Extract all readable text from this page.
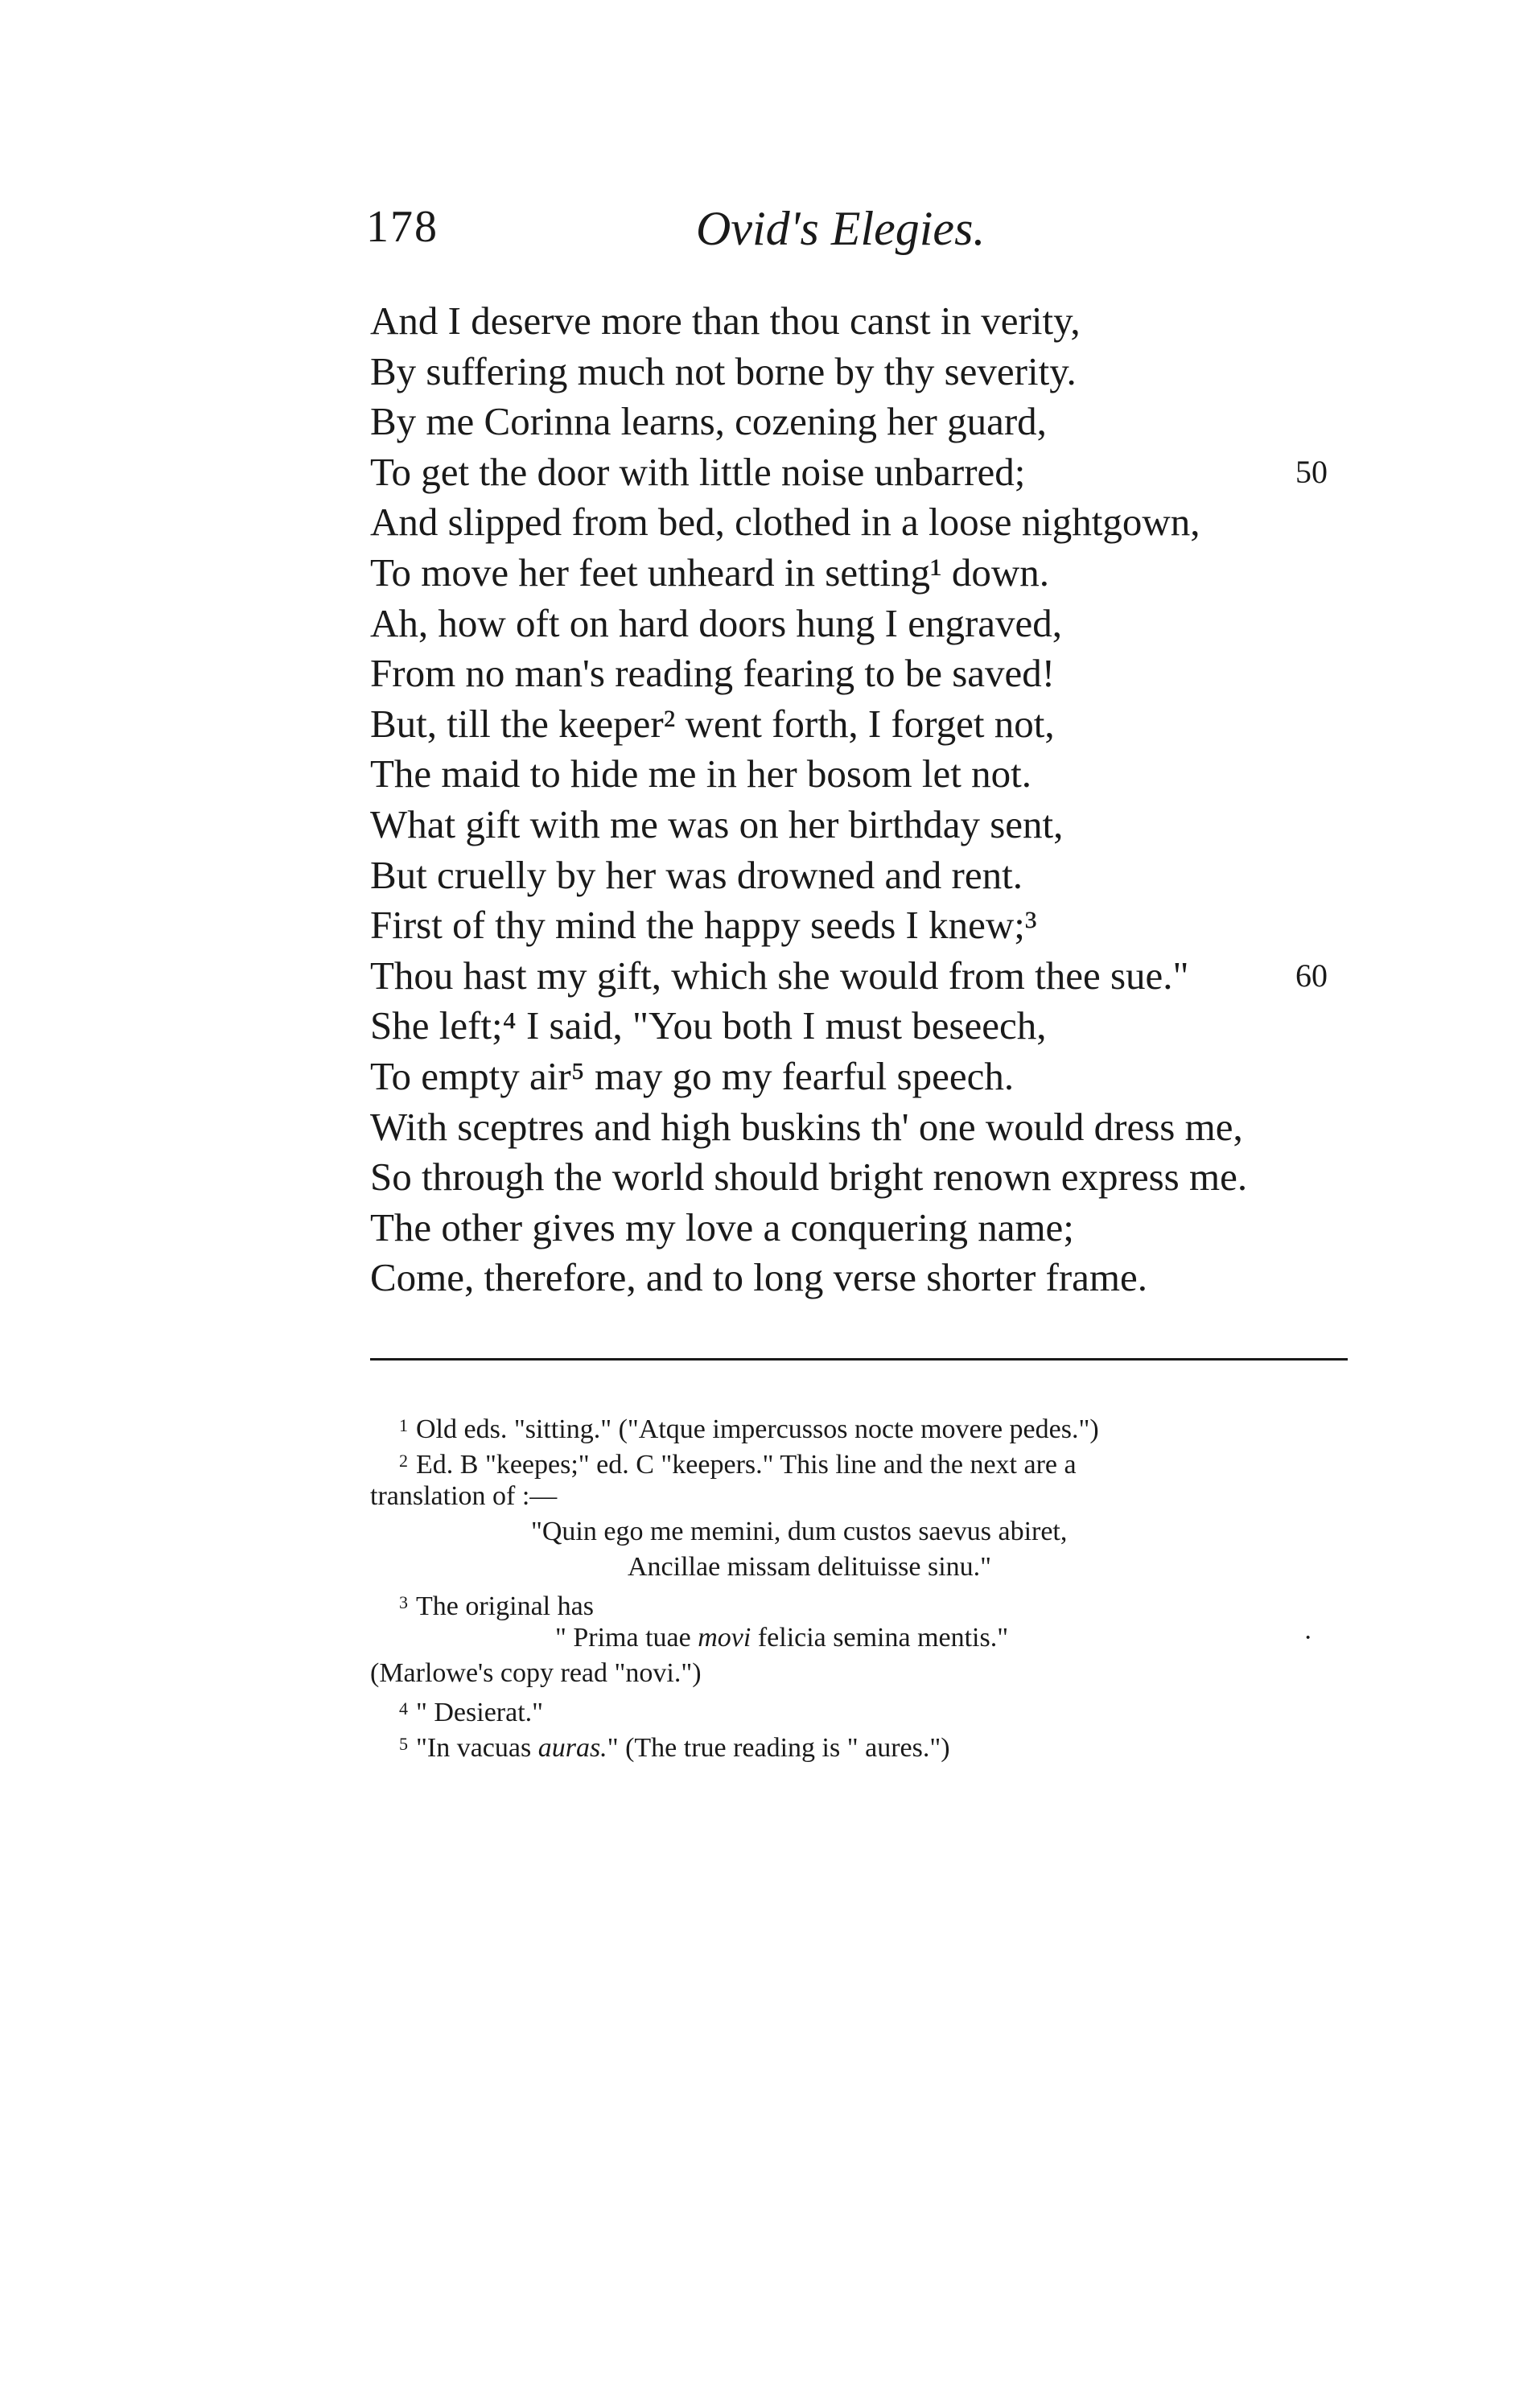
178	Ovid's Elegies.
And I deserve more than thou canst in verity,
By suffering much not borne by thy severity.
By me Corinna learns, cozening her guard,
To get the door with little noise unbarred;	50
And slipped from bed, clothed in a loose nightgown,
To move her feet unheard in setting¹ down.
Ah, how oft on hard doors hung I engraved,
From no man's reading fearing to be saved!
But, till the keeper² went forth, I forget not,
The maid to hide me in her bosom let not.
What gift with me was on her birthday sent,
But cruelly by her was drowned and rent.
First of thy mind the happy seeds I knew;³
Thou hast my gift, which she would from thee sue."	60
She left;⁴ I said, "You both I must beseech,
To empty air⁵ may go my fearful speech.
With sceptres and high buskins th' one would dress me,
So through the world should bright renown express me.
The other gives my love a conquering name;
Come, therefore, and to long verse shorter frame.
$^1$ Old eds. "sitting." ("Atque impercussos nocte movere pedes.")
$^2$ Ed. B "keepes;" ed. C "keepers." This line and the next are a
translation of :—
"Quin ego me memini, dum custos saevus abiret,
Ancillae missam delituisse sinu."
$^3$ The original has
" Prima tuae movi felicia semina mentis."	·
(Marlowe's copy read "novi.")
$^4$ " Desierat."
$^5$ "In vacuas auras." (The true reading is " aures.")
